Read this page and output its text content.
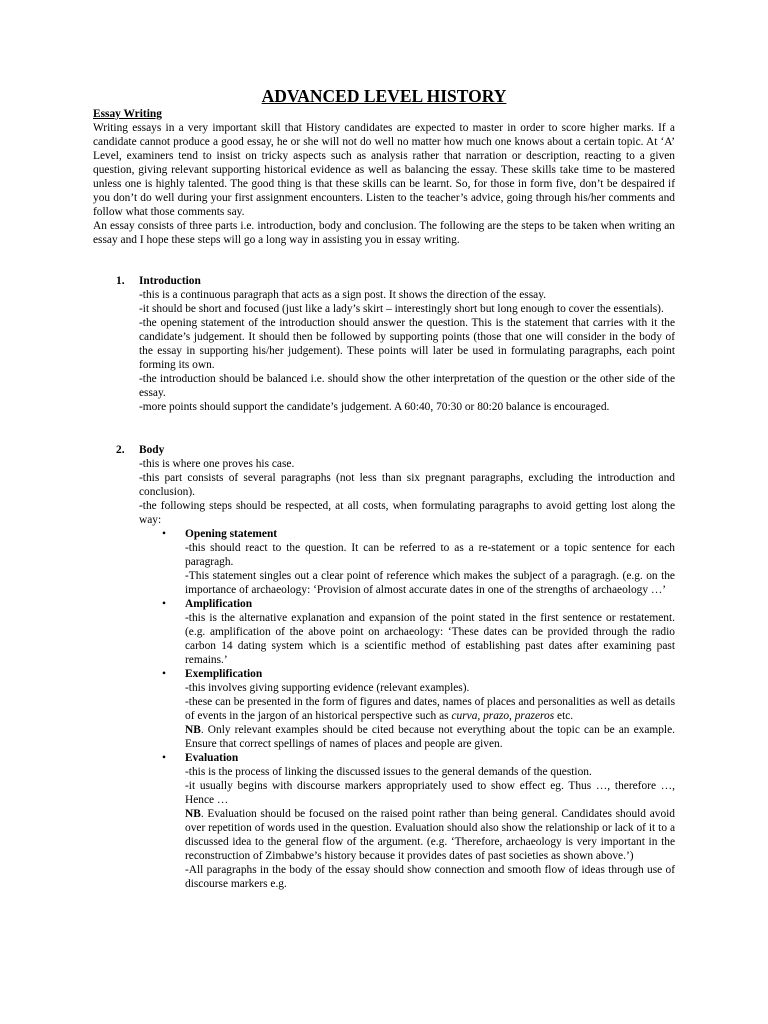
ADVANCED LEVEL HISTORY
Essay Writing
Writing essays in a very important skill that History candidates are expected to master in order to score higher marks. If a candidate cannot produce a good essay, he or she will not do well no matter how much one knows about a certain topic. At ‘A’ Level, examiners tend to insist on tricky aspects such as analysis rather that narration or description, reacting to a given question, giving relevant supporting historical evidence as well as balancing the essay. These skills take time to be mastered unless one is highly talented. The good thing is that these skills can be learnt. So, for those in form five, don’t be despaired if you don’t do well during your first assignment encounters. Listen to the teacher’s advice, going through his/her comments and follow what those comments say.
An essay consists of three parts i.e. introduction, body and conclusion. The following are the steps to be taken when writing an essay and I hope these steps will go a long way in assisting you in essay writing.
1. Introduction
-this is a continuous paragraph that acts as a sign post. It shows the direction of the essay.
-it should be short and focused (just like a lady’s skirt – interestingly short but long enough to cover the essentials).
-the opening statement of the introduction should answer the question. This is the statement that carries with it the candidate’s judgement. It should then be followed by supporting points (those that one will consider in the body of the essay in supporting his/her judgement). These points will later be used in formulating paragraphs, each point forming its own.
-the introduction should be balanced i.e. should show the other interpretation of the question or the other side of the essay.
-more points should support the candidate’s judgement. A 60:40, 70:30 or 80:20 balance is encouraged.
2. Body
-this is where one proves his case.
-this part consists of several paragraphs (not less than six pregnant paragraphs, excluding the introduction and conclusion).
-the following steps should be respected, at all costs, when formulating paragraphs to avoid getting lost along the way:
• Opening statement
-this should react to the question. It can be referred to as a re-statement or a topic sentence for each paragragh.
-This statement singles out a clear point of reference which makes the subject of a paragragh. (e.g. on the importance of archaeology: ‘Provision of almost accurate dates in one of the strengths of archaeology …’
• Amplification
-this is the alternative explanation and expansion of the point stated in the first sentence or restatement. (e.g. amplification of the above point on archaeology: ‘These dates can be provided through the radio carbon 14 dating system which is a scientific method of establishing past dates after examining past remains.’
• Exemplification
-this involves giving supporting evidence (relevant examples).
-these can be presented in the form of figures and dates, names of places and personalities as well as details of events in the jargon of an historical perspective such as curva, prazo, prazeros etc.
NB. Only relevant examples should be cited because not everything about the topic can be an example. Ensure that correct spellings of names of places and people are given.
• Evaluation
-this is the process of linking the discussed issues to the general demands of the question.
-it usually begins with discourse markers appropriately used to show effect eg. Thus …, therefore …, Hence …
NB. Evaluation should be focused on the raised point rather than being general. Candidates should avoid over repetition of words used in the question. Evaluation should also show the relationship or lack of it to a discussed idea to the general flow of the argument. (e.g. ‘Therefore, archaeology is very important in the reconstruction of Zimbabwe’s history because it provides dates of past societies as shown above.’)
-All paragraphs in the body of the essay should show connection and smooth flow of ideas through use of discourse markers e.g.
